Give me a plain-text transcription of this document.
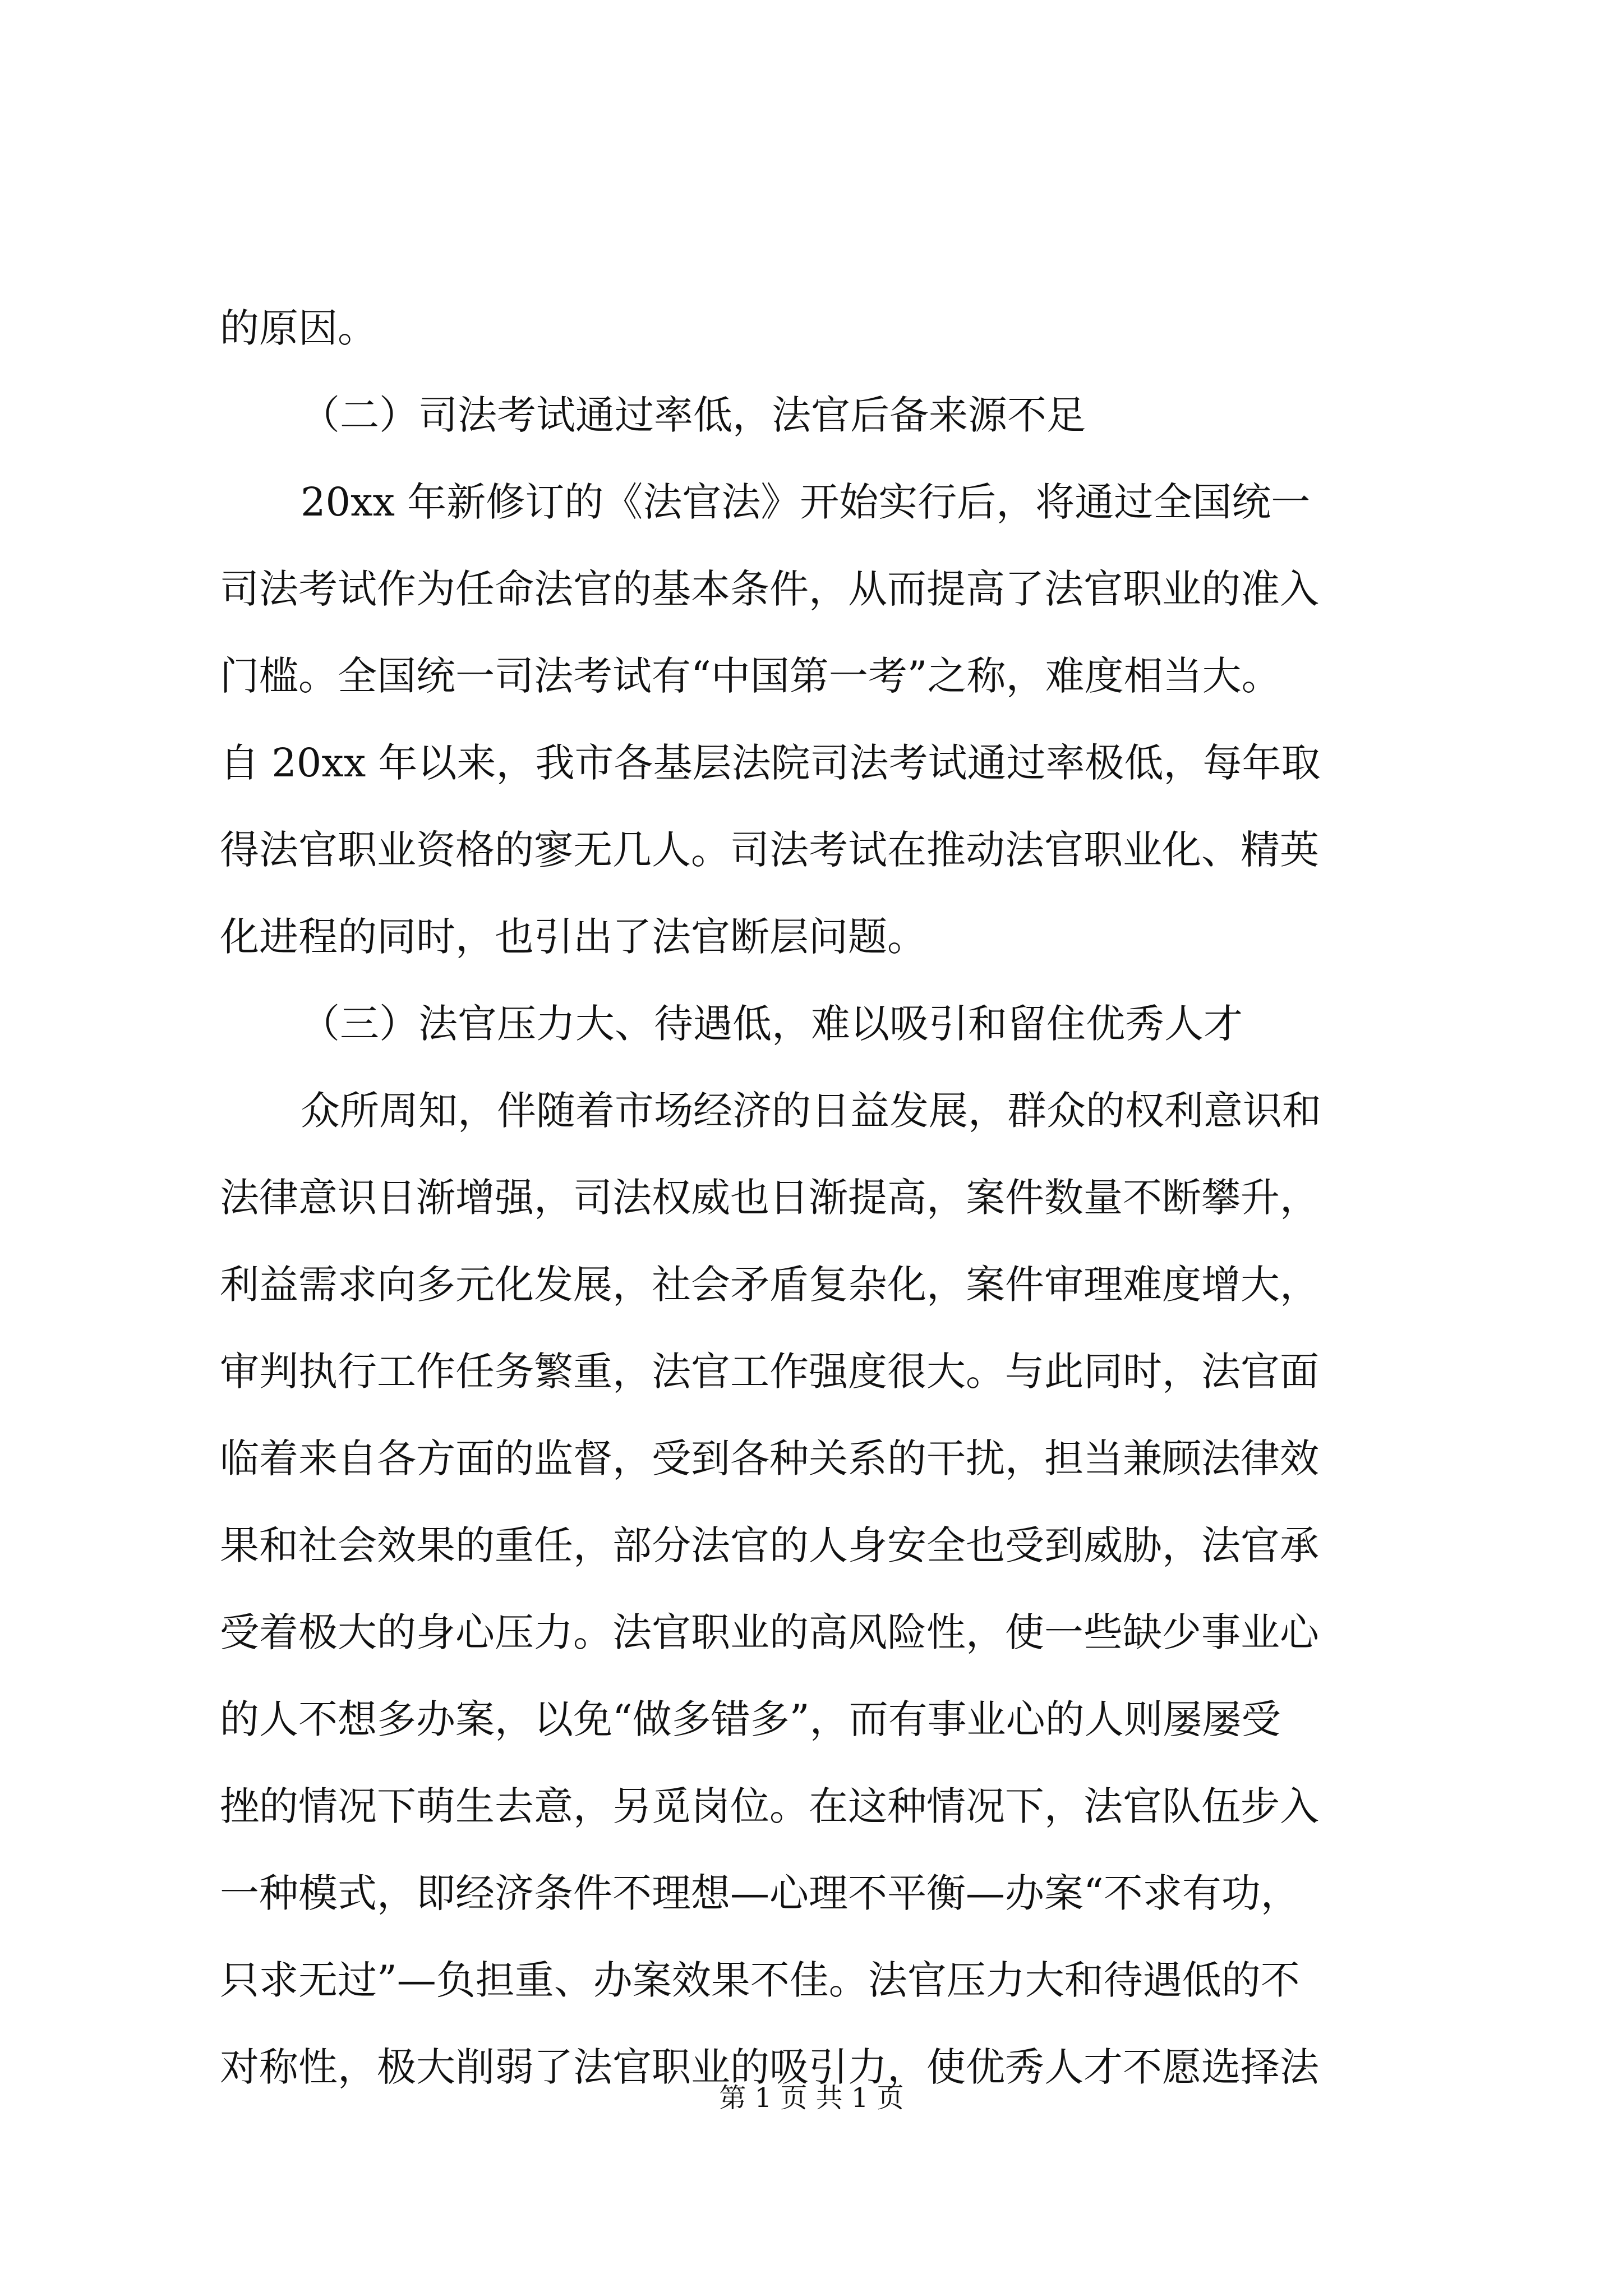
的原因。
（二）司法考试通过率低，法官后备来源不足
20xx 年新修订的《法官法》开始实行后，将通过全国统一
司法考试作为任命法官的基本条件，从而提高了法官职业的准入
门槛。全国统一司法考试有“中国第一考”之称，难度相当大。
自 20xx 年以来，我市各基层法院司法考试通过率极低，每年取
得法官职业资格的寥无几人。司法考试在推动法官职业化、精英
化进程的同时，也引出了法官断层问题。
（三）法官压力大、待遇低，难以吸引和留住优秀人才
众所周知，伴随着市场经济的日益发展，群众的权利意识和
法律意识日渐增强，司法权威也日渐提高，案件数量不断攀升，
利益需求向多元化发展，社会矛盾复杂化，案件审理难度增大，
审判执行工作任务繁重，法官工作强度很大。与此同时，法官面
临着来自各方面的监督，受到各种关系的干扰，担当兼顾法律效
果和社会效果的重任，部分法官的人身安全也受到威胁，法官承
受着极大的身心压力。法官职业的高风险性，使一些缺少事业心
的人不想多办案，以免“做多错多”，而有事业心的人则屡屡受
挫的情况下萌生去意，另觅岗位。在这种情况下，法官队伍步入
一种模式，即经济条件不理想—心理不平衡—办案“不求有功，
只求无过”—负担重、办案效果不佳。法官压力大和待遇低的不
对称性，极大削弱了法官职业的吸引力，使优秀人才不愿选择法
第 1 页 共 1 页
